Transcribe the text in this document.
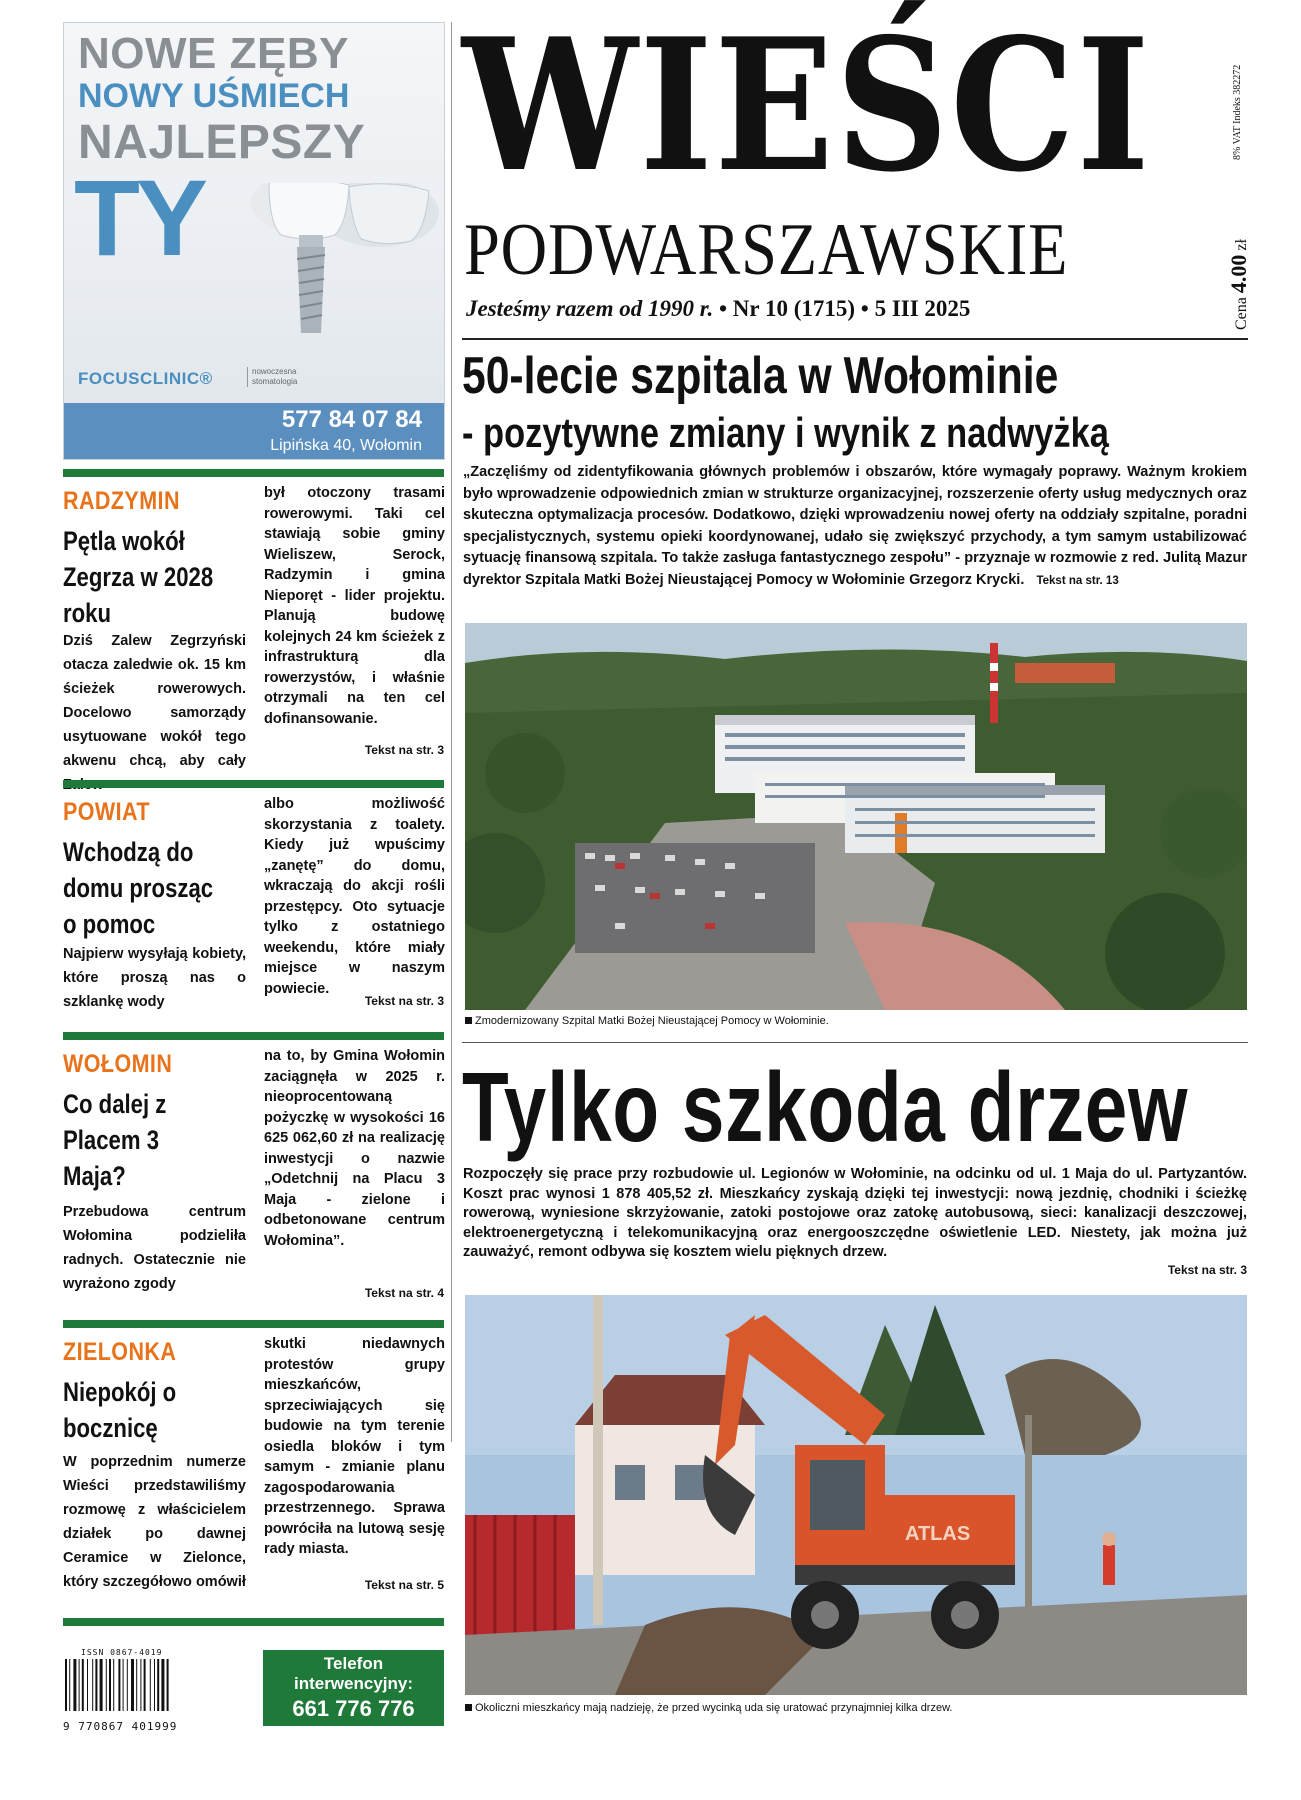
NOWE ZĘBY
NOWY UŚMIECH
NAJLEPSZY
TY
FOCUSCLINIC®	nowoczesna stomatologia
577 84 07 84
Lipińska 40, Wołomin
RADZYMIN
Pętla wokół Zegrza w 2028 roku
Dziś Zalew Zegrzyński otacza zaledwie ok. 15 km ścieżek rowerowych. Docelowo samorządy usytuowane wokół tego akwenu chcą, aby cały
był otoczony trasami rowerowymi. Taki cel stawiają sobie gminy Wieliszew, Serock, Radzymin i gmina Nieporęt - lider projektu. Planują budowę kolejnych 24 km ścieżek z infrastrukturą dla rowerzystów, i właśnie otrzymali na ten cel dofinansowanie.
Tekst na str. 3
POWIAT
Wchodzą do domu prosząc o pomoc
Najpierw wysyłają kobiety, które proszą nas o szklankę wody
albo możliwość skorzystania z toalety. Kiedy już wpuścimy „zanętę” do domu, wkraczają do akcji rośli przestępcy. Oto sytuacje tylko z ostatniego weekendu, które miały miejsce w naszym powiecie.
Tekst na str. 3
WOŁOMIN
Co dalej z Placem 3 Maja?
Przebudowa centrum Wołomina podzieliła radnych. Ostatecznie nie wyrażono zgody
na to, by Gmina Wołomin zaciągnęła w 2025 r. nieoprocentowaną pożyczkę w wysokości 16 625 062,60 zł na realizację inwestycji o nazwie „Odetchnij na Placu 3 Maja - zielone i odbetonowane centrum Wołomina”.
Tekst na str. 4
ZIELONKA
Niepokój o bocznicę
W poprzednim numerze Wieści przedstawiliśmy rozmowę z właścicielem działek po dawnej Ceramice w Zielonce, który szczegółowo omówił
skutki niedawnych protestów grupy mieszkańców, sprzeciwiających się budowie na tym terenie osiedla bloków i tym samym - zmianie planu zagospodarowania przestrzennego. Sprawa powróciła na lutową sesję rady miasta.
Tekst na str. 5
ISSN 0867-4019
9 770867 401999
Telefon
interwencyjny:
661 776 776
WIEŚCI
PODWARSZAWSKIE
Jesteśmy razem od 1990 r. • Nr 10 (1715) • 5 III 2025	Cena 4.00 zł
8% VAT Indeks 382272
50-lecie szpitala w Wołominie
- pozytywne zmiany i wynik z nadwyżką
„Zaczęliśmy od zidentyfikowania głównych problemów i obszarów, które wymagały poprawy. Ważnym krokiem było wprowadzenie odpowiednich zmian w strukturze organizacyjnej, rozszerzenie oferty usług medycznych oraz skuteczna optymalizacja procesów. Dodatkowo, dzięki wprowadzeniu nowej oferty na oddziały szpitalne, poradni specjalistycznych, systemu opieki koordynowanej, udało się zwiększyć przychody, a tym samym ustabilizować sytuację finansową szpitala. To także zasługa fantastycznego zespołu” - przyznaje w rozmowie z red. Julitą Mazur dyrektor Szpitala Matki Bożej Nieustającej Pomocy w Wołominie Grzegorz Krycki. Tekst na str. 13
Zmodernizowany Szpital Matki Bożej Nieustającej Pomocy w Wołominie.
Tylko szkoda drzew
Rozpoczęły się prace przy rozbudowie ul. Legionów w Wołominie, na odcinku od ul. 1 Maja do ul. Partyzantów. Koszt prac wynosi 1 878 405,52 zł. Mieszkańcy zyskają dzięki tej inwestycji: nową jezdnię, chodniki i ścieżkę rowerową, wyniesione skrzyżowanie, zatoki postojowe oraz zatokę autobusową, sieci: kanalizacji deszczowej, elektroenergetyczną i telekomunikacyjną oraz energooszczędne oświetlenie LED. Niestety, jak można już zauważyć, remont odbywa się kosztem wielu pięknych drzew.
Tekst na str. 3
ATLAS
Okoliczni mieszkańcy mają nadzieję, że przed wycinką uda się uratować przynajmniej kilka drzew.
